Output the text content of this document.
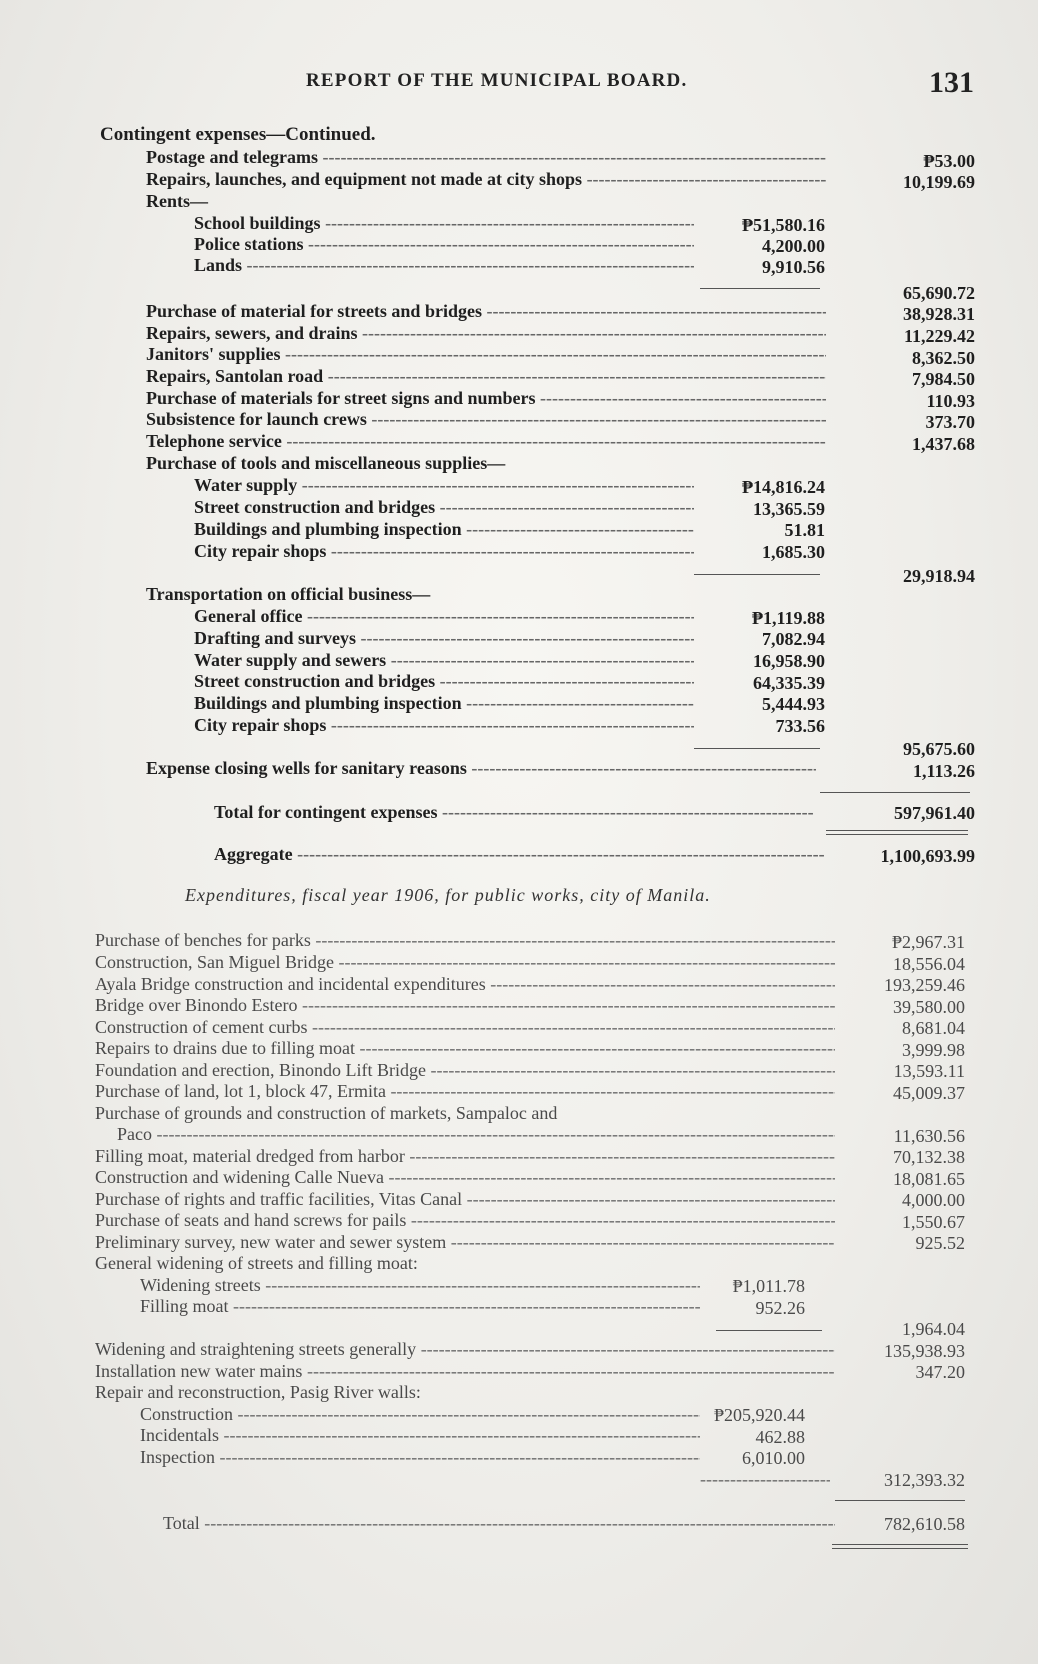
REPORT OF THE MUNICIPAL BOARD.	131
Contingent expenses—Continued.
Postage and telegrams -----	₱53.00
Repairs, launches, and equipment not made at city shops -----	10,199.69
Rents—
School buildings -----	₱51,580.16
Police stations -----	4,200.00
Lands -----	9,910.56
65,690.72
Purchase of material for streets and bridges -----	38,928.31
Repairs, sewers, and drains -----	11,229.42
Janitors' supplies -----	8,362.50
Repairs, Santolan road -----	7,984.50
Purchase of materials for street signs and numbers -----	110.93
Subsistence for launch crews -----	373.70
Telephone service -----	1,437.68
Purchase of tools and miscellaneous supplies—
Water supply -----	₱14,816.24
Street construction and bridges -----	13,365.59
Buildings and plumbing inspection -----	51.81
City repair shops -----	1,685.30
29,918.94
Transportation on official business—
General office -----	₱1,119.88
Drafting and surveys -----	7,082.94
Water supply and sewers -----	16,958.90
Street construction and bridges -----	64,335.39
Buildings and plumbing inspection -----	5,444.93
City repair shops -----	733.56
95,675.60
Expense closing wells for sanitary reasons -----	1,113.26
Total for contingent expenses -----	597,961.40
Aggregate -----	1,100,693.99
Expenditures, fiscal year 1906, for public works, city of Manila.
Purchase of benches for parks -----	₱2,967.31
Construction, San Miguel Bridge -----	18,556.04
Ayala Bridge construction and incidental expenditures -----	193,259.46
Bridge over Binondo Estero -----	39,580.00
Construction of cement curbs -----	8,681.04
Repairs to drains due to filling moat -----	3,999.98
Foundation and erection, Binondo Lift Bridge -----	13,593.11
Purchase of land, lot 1, block 47, Ermita -----	45,009.37
Purchase of grounds and construction of markets, Sampaloc and
Paco -----	11,630.56
Filling moat, material dredged from harbor -----	70,132.38
Construction and widening Calle Nueva -----	18,081.65
Purchase of rights and traffic facilities, Vitas Canal -----	4,000.00
Purchase of seats and hand screws for pails -----	1,550.67
Preliminary survey, new water and sewer system -----	925.52
General widening of streets and filling moat:
Widening streets -----	₱1,011.78
Filling moat -----	952.26
1,964.04
Widening and straightening streets generally -----	135,938.93
Installation new water mains -----	347.20
Repair and reconstruction, Pasig River walls:
Construction -----	₱205,920.44
Incidentals -----	462.88
Inspection -----	6,010.00
-----
312,393.32
Total -----	782,610.58
